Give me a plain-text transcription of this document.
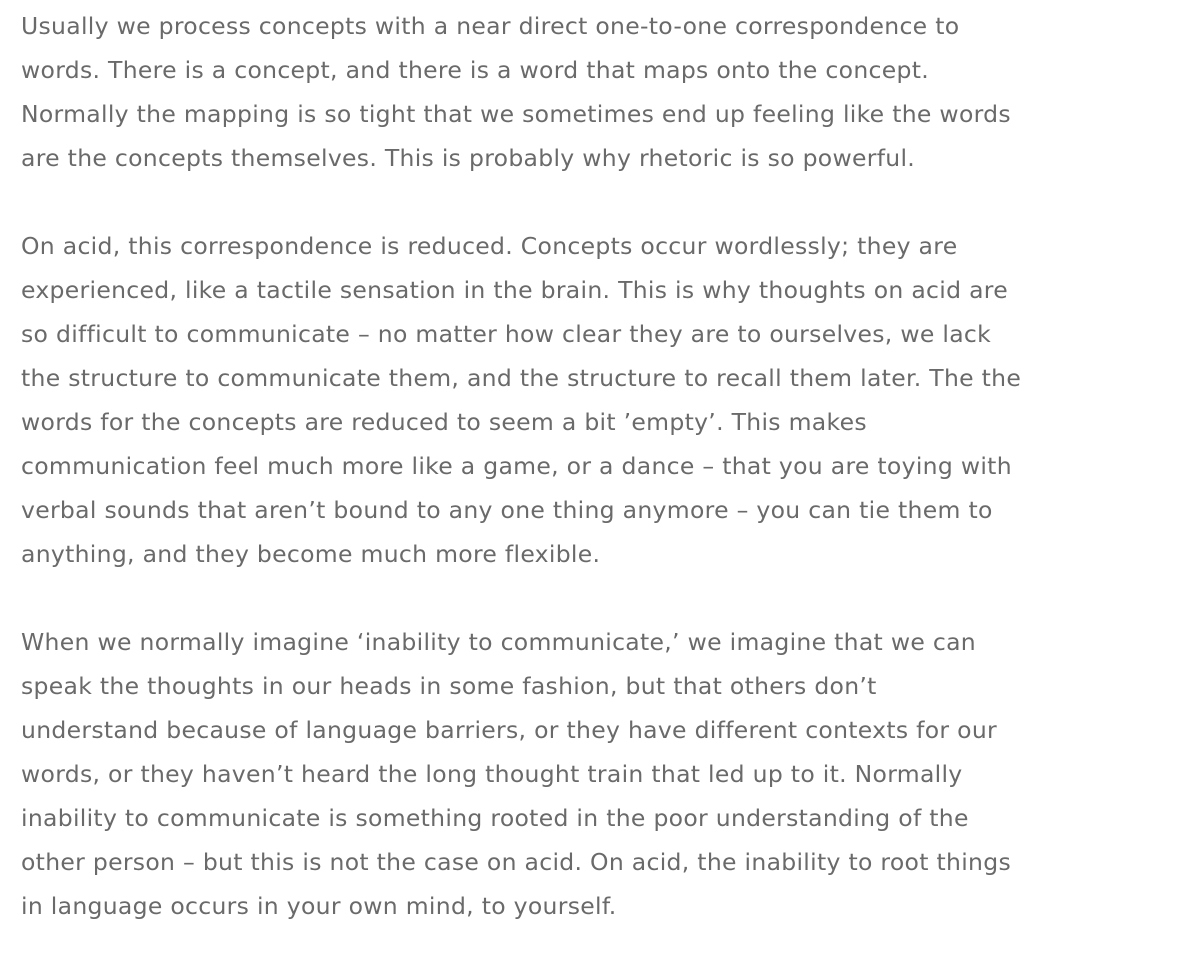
Usually we process concepts with a near direct one-to-one correspondence to
words. There is a concept, and there is a word that maps onto the concept.
Normally the mapping is so tight that we sometimes end up feeling like the words
are the concepts themselves. This is probably why rhetoric is so powerful.

On acid, this correspondence is reduced. Concepts occur wordlessly; they are
experienced, like a tactile sensation in the brain. This is why thoughts on acid are
so difficult to communicate – no matter how clear they are to ourselves, we lack
the structure to communicate them, and the structure to recall them later. The the
words for the concepts are reduced to seem a bit ’empty’. This makes
communication feel much more like a game, or a dance – that you are toying with
verbal sounds that aren’t bound to any one thing anymore – you can tie them to
anything, and they become much more flexible.

When we normally imagine ‘inability to communicate,’ we imagine that we can
speak the thoughts in our heads in some fashion, but that others don’t
understand because of language barriers, or they have different contexts for our
words, or they haven’t heard the long thought train that led up to it. Normally
inability to communicate is something rooted in the poor understanding of the
other person – but this is not the case on acid. On acid, the inability to root things
in language occurs in your own mind, to yourself.
